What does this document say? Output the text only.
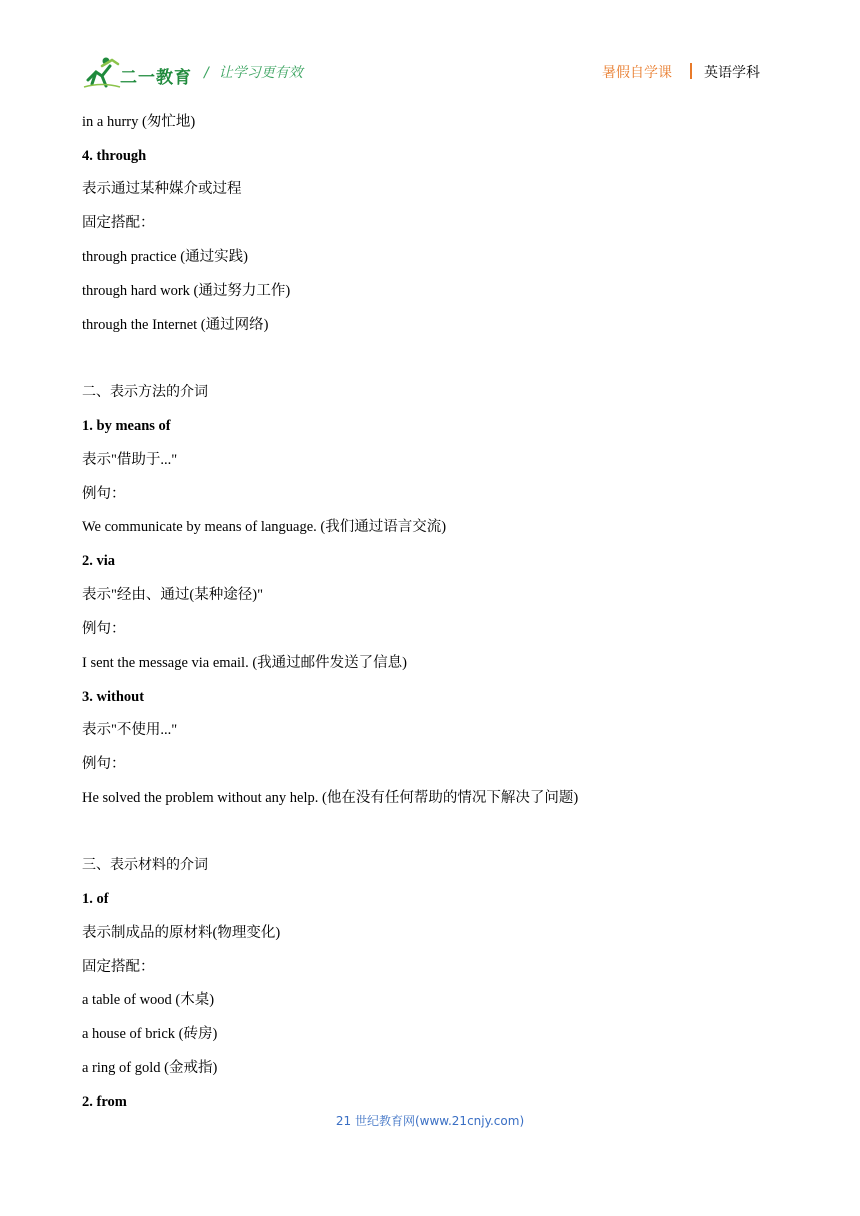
二一教育 / 让学习更有效	暑假自学课 英语学科
in a hurry (匆忙地)
4. through
表示通过某种媒介或过程
固定搭配：
through practice (通过实践)
through hard work (通过努力工作)
through the Internet (通过网络)
二、表示方法的介词
1. by means of
表示"借助于..."
例句：
We communicate by means of language. (我们通过语言交流)
2. via
表示"经由、通过(某种途径)"
例句：
I sent the message via email. (我通过邮件发送了信息)
3. without
表示"不使用..."
例句：
He solved the problem without any help. (他在没有任何帮助的情况下解决了问题)
三、表示材料的介词
1. of
表示制成品的原材料(物理变化)
固定搭配：
a table of wood (木桌)
a house of brick (砖房)
a ring of gold (金戒指)
2. from
21 世纪教育网(www.21cnjy.com)
